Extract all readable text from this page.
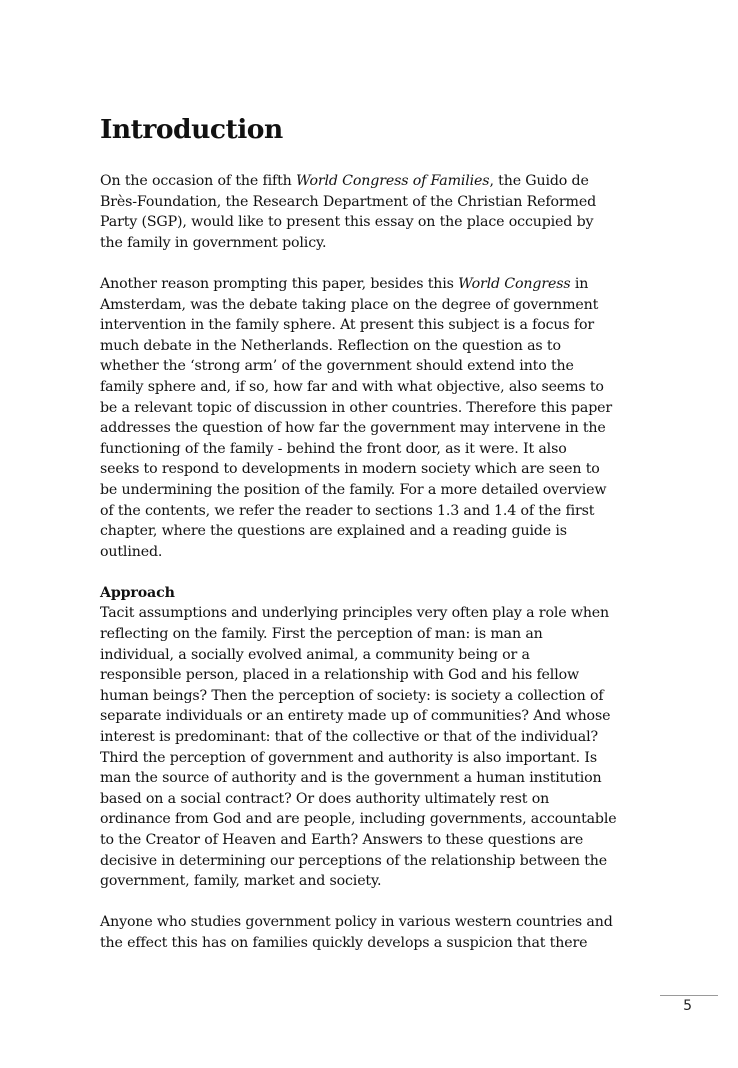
Introduction

On the occasion of the fifth World Congress of Families, the Guido de
Brès-Foundation, the Research Department of the Christian Reformed
Party (SGP), would like to present this essay on the place occupied by
the family in government policy.

Another reason prompting this paper, besides this World Congress in
Amsterdam, was the debate taking place on the degree of government
intervention in the family sphere. At present this subject is a focus for
much debate in the Netherlands. Reflection on the question as to
whether the ‘strong arm’ of the government should extend into the
family sphere and, if so, how far and with what objective, also seems to
be a relevant topic of discussion in other countries. Therefore this paper
addresses the question of how far the government may intervene in the
functioning of the family - behind the front door, as it were. It also
seeks to respond to developments in modern society which are seen to
be undermining the position of the family. For a more detailed overview
of the contents, we refer the reader to sections 1.3 and 1.4 of the first
chapter, where the questions are explained and a reading guide is
outlined.

Approach

Tacit assumptions and underlying principles very often play a role when
reflecting on the family. First the perception of man: is man an
individual, a socially evolved animal, a community being or a
responsible person, placed in a relationship with God and his fellow
human beings? Then the perception of society: is society a collection of
separate individuals or an entirety made up of communities? And whose
interest is predominant: that of the collective or that of the individual?
Third the perception of government and authority is also important. Is
man the source of authority and is the government a human institution
based on a social contract? Or does authority ultimately rest on
ordinance from God and are people, including governments, accountable
to the Creator of Heaven and Earth? Answers to these questions are
decisive in determining our perceptions of the relationship between the
government, family, market and society.

Anyone who studies government policy in various western countries and
the effect this has on families quickly develops a suspicion that there

5
